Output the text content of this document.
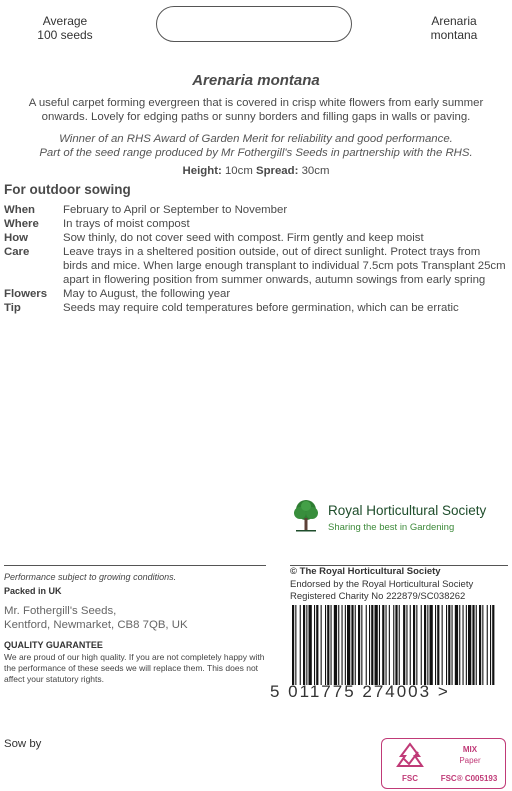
Average
100 seeds
Arenaria
montana
Arenaria montana
A useful carpet forming evergreen that is covered in crisp white flowers from early summer onwards. Lovely for edging paths or sunny borders and filling gaps in walls or paving.
Winner of an RHS Award of Garden Merit for reliability and good performance.
Part of the seed range produced by Mr Fothergill's Seeds in partnership with the RHS.
Height: 10cm Spread: 30cm
For outdoor sowing
When	February to April or September to November
Where	In trays of moist compost
How	Sow thinly, do not cover seed with compost. Firm gently and keep moist
Care	Leave trays in a sheltered position outside, out of direct sunlight. Protect trays from birds and mice. When large enough transplant to individual 7.5cm pots Transplant 25cm apart in flowering position from summer onwards, autumn sowings from early spring
Flowers	May to August, the following year
Tip	Seeds may require cold temperatures before germination, which can be erratic
Royal Horticultural Society
Sharing the best in Gardening
Performance subject to growing conditions.
Packed in UK
Mr. Fothergill's Seeds,
Kentford, Newmarket, CB8 7QB, UK
QUALITY GUARANTEE
We are proud of our high quality. If you are not completely happy with the performance of these seeds we will replace them. This does not affect your statutory rights.
© The Royal Horticultural Society
Endorsed by the Royal Horticultural Society
Registered Charity No 222879/SC038262
5 011775 274003 >
Sow by
FSC
MIX
Paper
FSC® C005193
